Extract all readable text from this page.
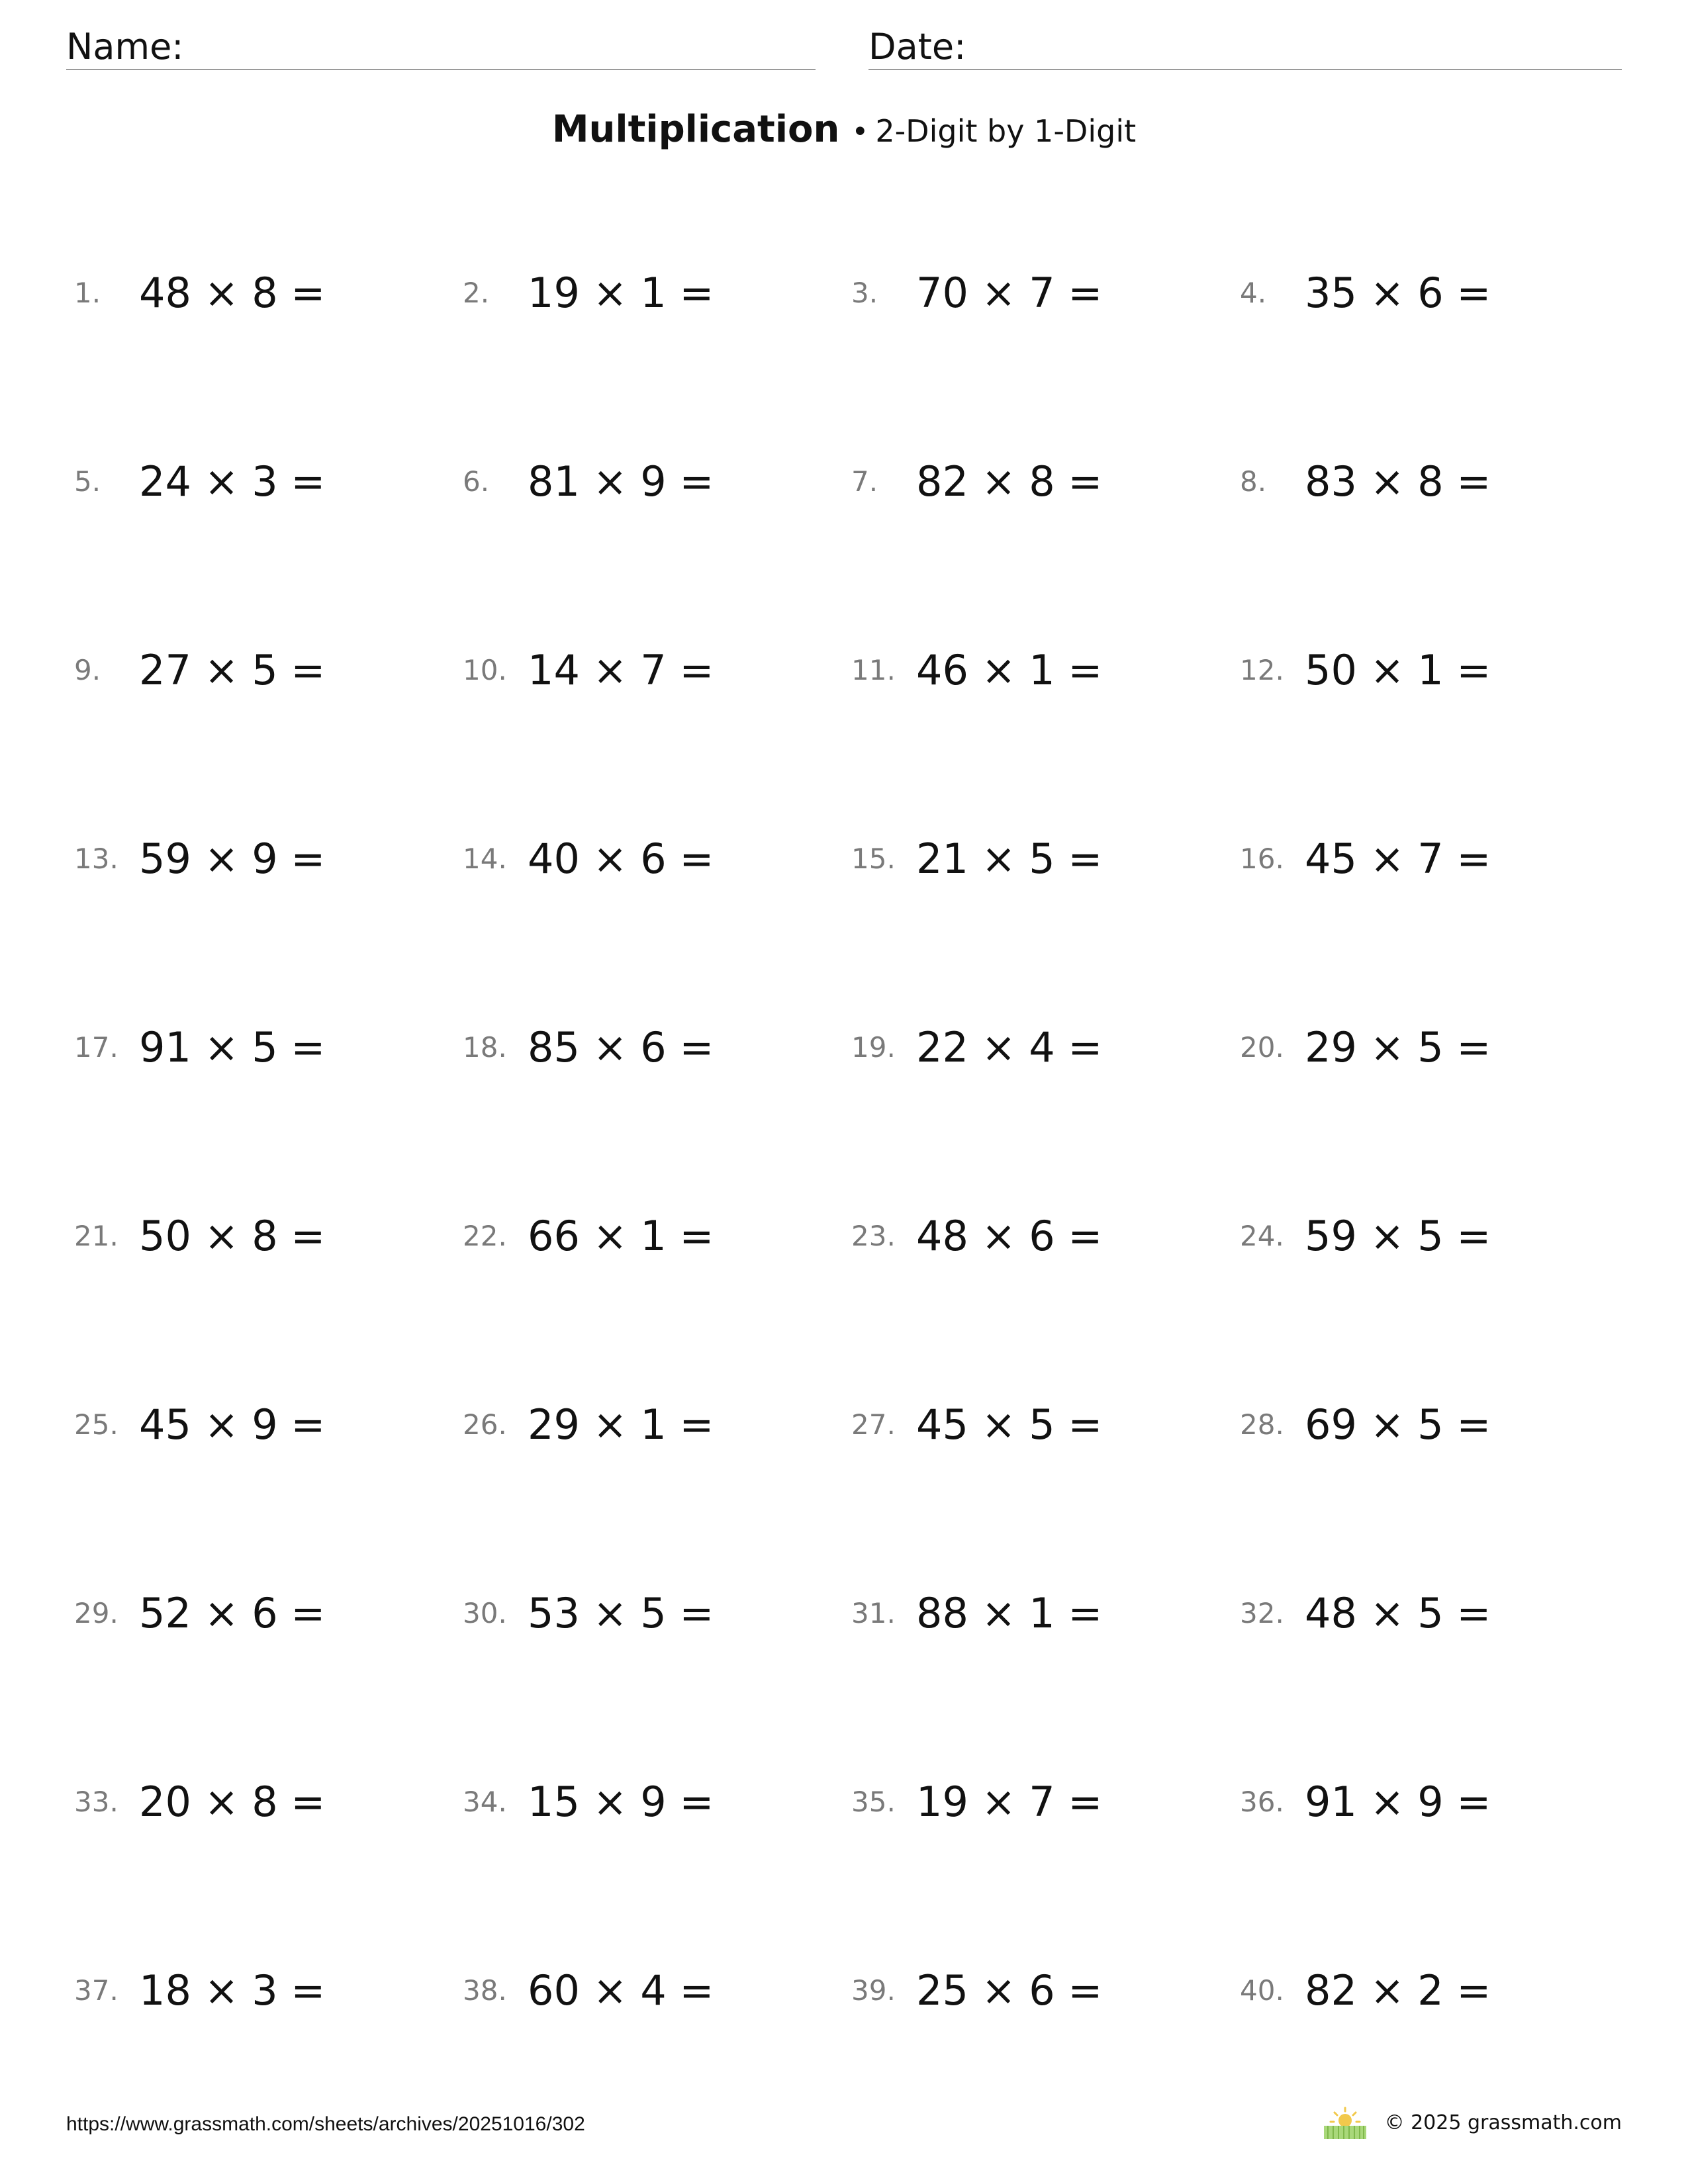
Name:	Date:
Multiplication • 2-Digit by 1-Digit
1. 48 × 8 =	2. 19 × 1 =	3. 70 × 7 =	4. 35 × 6 =
5. 24 × 3 =	6. 81 × 9 =	7. 82 × 8 =	8. 83 × 8 =
9. 27 × 5 =	10. 14 × 7 =	11. 46 × 1 =	12. 50 × 1 =
13. 59 × 9 =	14. 40 × 6 =	15. 21 × 5 =	16. 45 × 7 =
17. 91 × 5 =	18. 85 × 6 =	19. 22 × 4 =	20. 29 × 5 =
21. 50 × 8 =	22. 66 × 1 =	23. 48 × 6 =	24. 59 × 5 =
25. 45 × 9 =	26. 29 × 1 =	27. 45 × 5 =	28. 69 × 5 =
29. 52 × 6 =	30. 53 × 5 =	31. 88 × 1 =	32. 48 × 5 =
33. 20 × 8 =	34. 15 × 9 =	35. 19 × 7 =	36. 91 × 9 =
37. 18 × 3 =	38. 60 × 4 =	39. 25 × 6 =	40. 82 × 2 =
https://www.grassmath.com/sheets/archives/20251016/302	© 2025 grassmath.com
